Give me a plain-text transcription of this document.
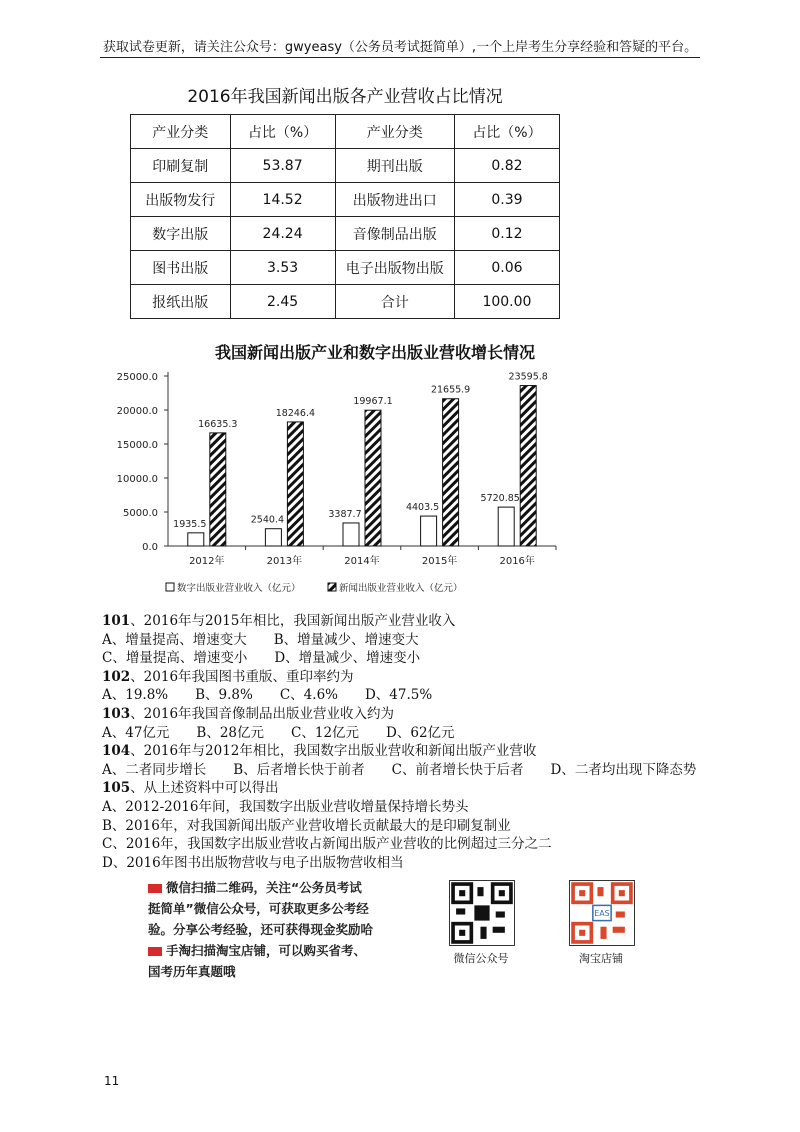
获取试卷更新，请关注公众号：gwyeasy（公务员考试挺简单）,一个上岸考生分享经验和答疑的平台。
2016年我国新闻出版各产业营收占比情况
产业分类	占比（%）	产业分类	占比（%）
印刷复制	53.87	期刊出版	0.82
出版物发行	14.52	出版物进出口	0.39
数字出版	24.24	音像制品出版	0.12
图书出版	3.53	电子出版物出版	0.06
报纸出版	2.45	合计	100.00
我国新闻出版产业和数字出版业营收增长情况
0.0
5000.0
10000.0
15000.0
20000.0
25000.0
1935.5
16635.3
2012年
2540.4
18246.4
2013年
3387.7
19967.1
2014年
4403.5
21655.9
2015年
5720.85
23595.8
2016年
数字出版业营业收入（亿元）	新闻出版业营业收入（亿元）
101、2016年与2015年相比，我国新闻出版产业营业收入
A、增量提高、增速变大　　B、增量减少、增速变大
C、增量提高、增速变小　　D、增量减少、增速变小
102、2016年我国图书重版、重印率约为
A、19.8%　　B、9.8%　　C、4.6%　　D、47.5%
103、2016年我国音像制品出版业营业收入约为
A、47亿元　　B、28亿元　　C、12亿元　　D、62亿元
104、2016年与2012年相比，我国数字出版业营收和新闻出版产业营收
A、二者同步增长　　B、后者增长快于前者　　C、前者增长快于后者　　D、二者均出现下降态势
105、从上述资料中可以得出
A、2012-2016年间，我国数字出版业营收增量保持增长势头
B、2016年，对我国新闻出版产业营收增长贡献最大的是印刷复制业
C、2016年，我国数字出版业营收占新闻出版产业营收的比例超过三分之二
D、2016年图书出版物营收与电子出版物营收相当
微信扫描二维码，关注“公务员考试
挺简单”微信公众号，可获取更多公考经
验。分享公考经验，还可获得现金奖励哈
手淘扫描淘宝店铺，可以购买省考、
国考历年真题哦
微信公众号
EAS
淘宝店铺
11
